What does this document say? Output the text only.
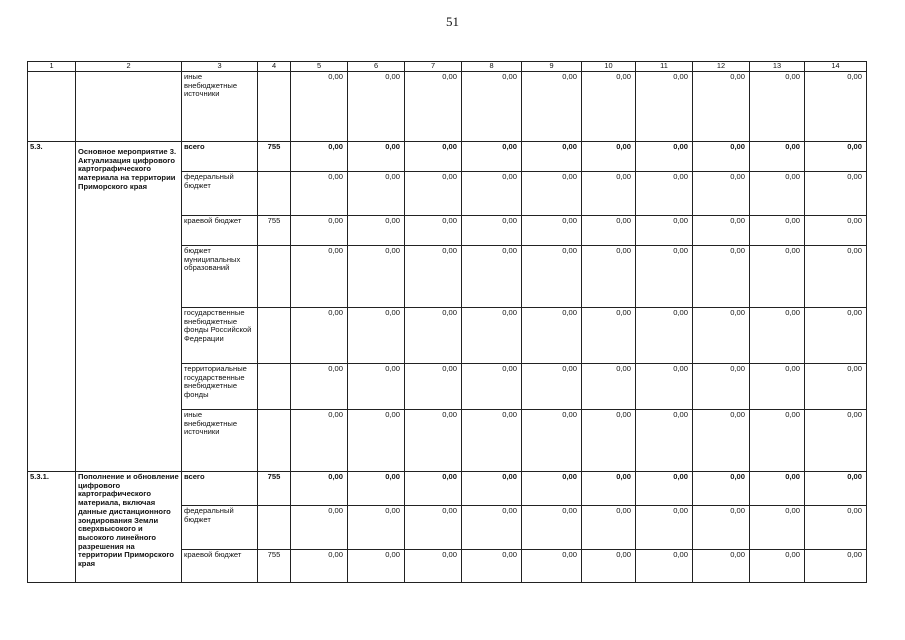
51
1	2	3	4	5	6	7	8	9	10	11	12	13	14
		иные внебюджетные источники		0,00	0,00	0,00	0,00	0,00	0,00	0,00	0,00	0,00	0,00
5.3.	Основное мероприятие 3. Актуализация цифрового картографического материала на территории Приморского края	всего	755	0,00	0,00	0,00	0,00	0,00	0,00	0,00	0,00	0,00	0,00
		федеральный бюджет		0,00	0,00	0,00	0,00	0,00	0,00	0,00	0,00	0,00	0,00
		краевой бюджет	755	0,00	0,00	0,00	0,00	0,00	0,00	0,00	0,00	0,00	0,00
		бюджет муниципальных образований		0,00	0,00	0,00	0,00	0,00	0,00	0,00	0,00	0,00	0,00
		государственные внебюджетные фонды Российской Федерации		0,00	0,00	0,00	0,00	0,00	0,00	0,00	0,00	0,00	0,00
		территориальные государственные внебюджетные фонды		0,00	0,00	0,00	0,00	0,00	0,00	0,00	0,00	0,00	0,00
		иные внебюджетные источники		0,00	0,00	0,00	0,00	0,00	0,00	0,00	0,00	0,00	0,00
5.3.1.	Пополнение и обновление цифрового картографического материала, включая данные дистанционного зондирования Земли сверхвысокого и высокого линейного разрешения на территории Приморского края	всего	755	0,00	0,00	0,00	0,00	0,00	0,00	0,00	0,00	0,00	0,00
		федеральный бюджет		0,00	0,00	0,00	0,00	0,00	0,00	0,00	0,00	0,00	0,00
		краевой бюджет	755	0,00	0,00	0,00	0,00	0,00	0,00	0,00	0,00	0,00	0,00
